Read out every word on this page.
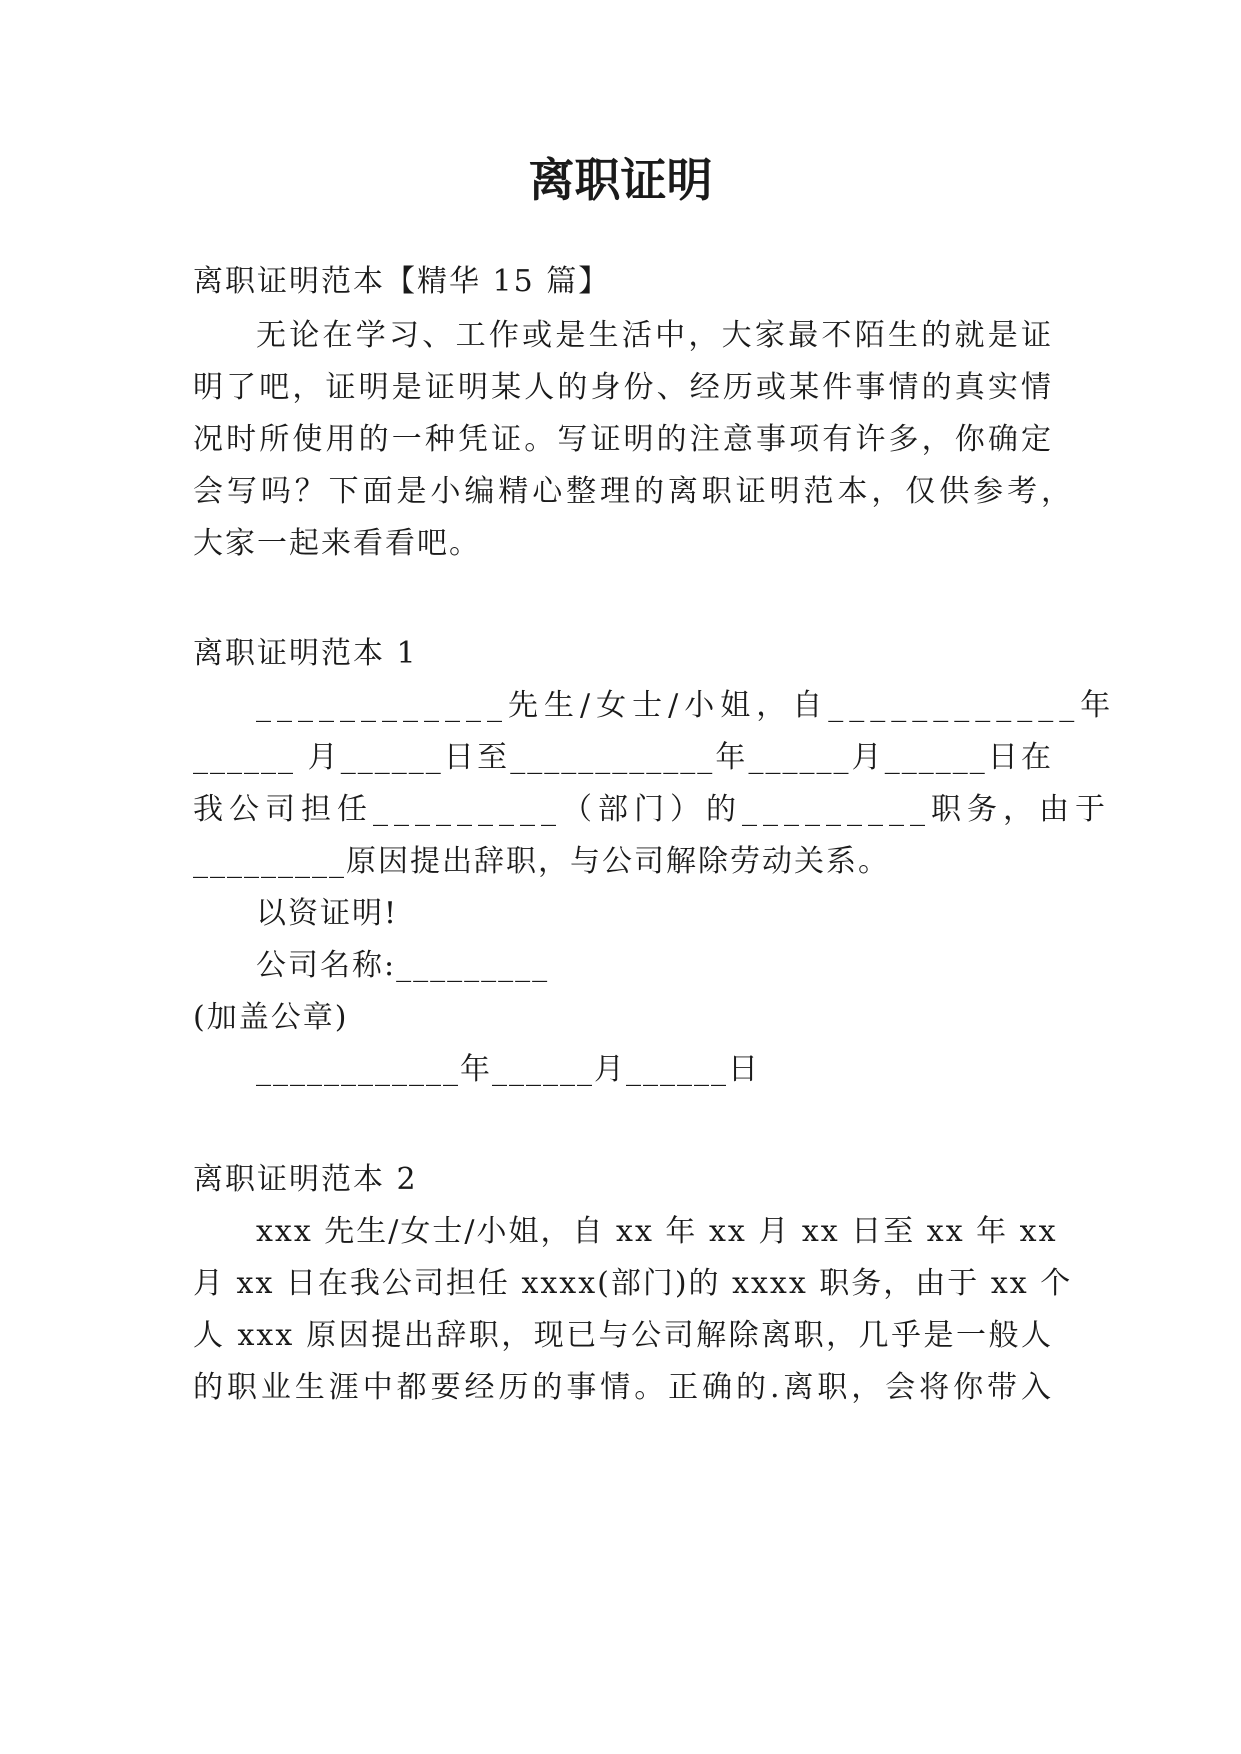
离职证明
离职证明范本【精华 15 篇】
无论在学习、工作或是生活中，大家最不陌生的就是证
明了吧，证明是证明某人的身份、经历或某件事情的真实情
况时所使用的一种凭证。写证明的注意事项有许多，你确定
会写吗？下面是小编精心整理的离职证明范本，仅供参考，
大家一起来看看吧。
离职证明范本 1
____________先生/女士/小姐，自____________年
______ 月______日至____________年______月______日在
我公司担任_________（部门）的_________职务，由于
_________原因提出辞职，与公司解除劳动关系。
以资证明!
公司名称:_________
(加盖公章)
____________年______月______日
离职证明范本 2
xxx 先生/女士/小姐，自 xx 年 xx 月 xx 日至 xx 年 xx
月 xx 日在我公司担任 xxxx(部门)的 xxxx 职务，由于 xx 个
人 xxx 原因提出辞职，现已与公司解除离职，几乎是一般人
的职业生涯中都要经历的事情。正确的.离职，会将你带入
